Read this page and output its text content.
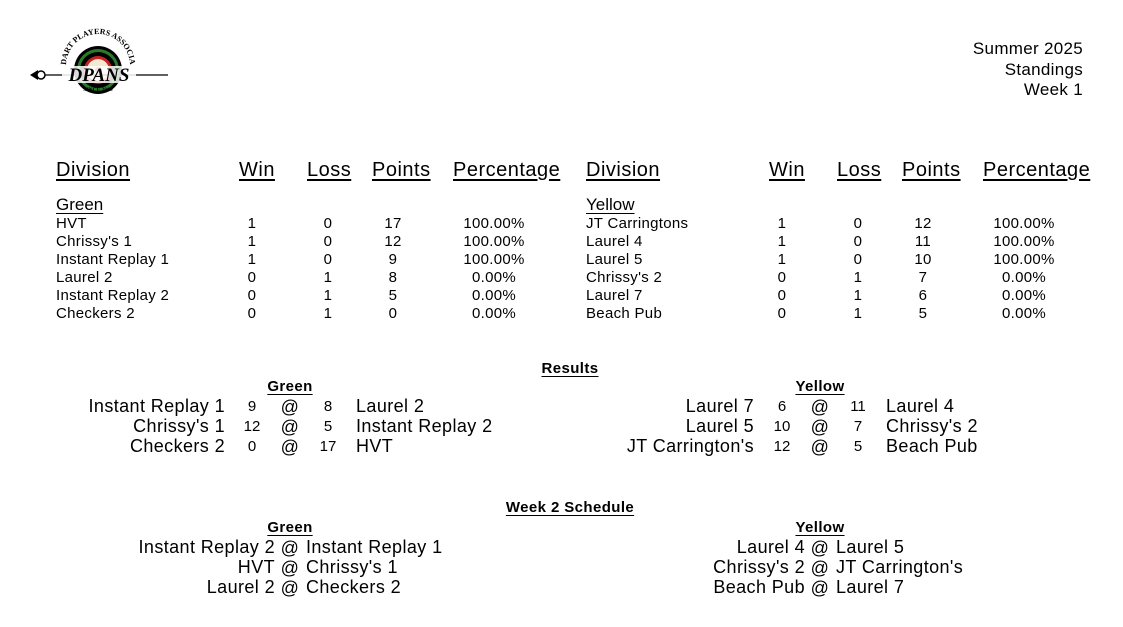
DART PLAYERS ASSOCIA
DPANS
SINCE 2016
Summer 2025
Standings
Week 1
Division	Win Loss Points Percentage Division	Win Loss Points Percentage
Green	Yellow
HVT	1	0	17	100.00%
Chrissy's 1	1	0	12	100.00%
Instant Replay 1	1	0	9	100.00%
Laurel 2	0	1	8	0.00%
Instant Replay 2	0	1	5	0.00%
Checkers 2	0	1	0	0.00%
JT Carringtons	1	0	12	100.00%
Laurel 4	1	0	11	100.00%
Laurel 5	1	0	10	100.00%
Chrissy's 2	0	1	7	0.00%
Laurel 7	0	1	6	0.00%
Beach Pub	0	1	5	0.00%
Results
Green	Yellow
Instant Replay 1	9	@	8	Laurel 2
Chrissy's 1	12	@	5	Instant Replay 2
Checkers 2	0	@	17	HVT
Laurel 7	6	@	11	Laurel 4
Laurel 5	10	@	7	Chrissy's 2
JT Carrington's	12	@	5	Beach Pub
Week 2 Schedule
Green	Yellow
Instant Replay 2 @ Instant Replay 1
HVT @ Chrissy's 1
Laurel 2 @ Checkers 2
Laurel 4 @ Laurel 5
Chrissy's 2 @ JT Carrington's
Beach Pub @ Laurel 7
